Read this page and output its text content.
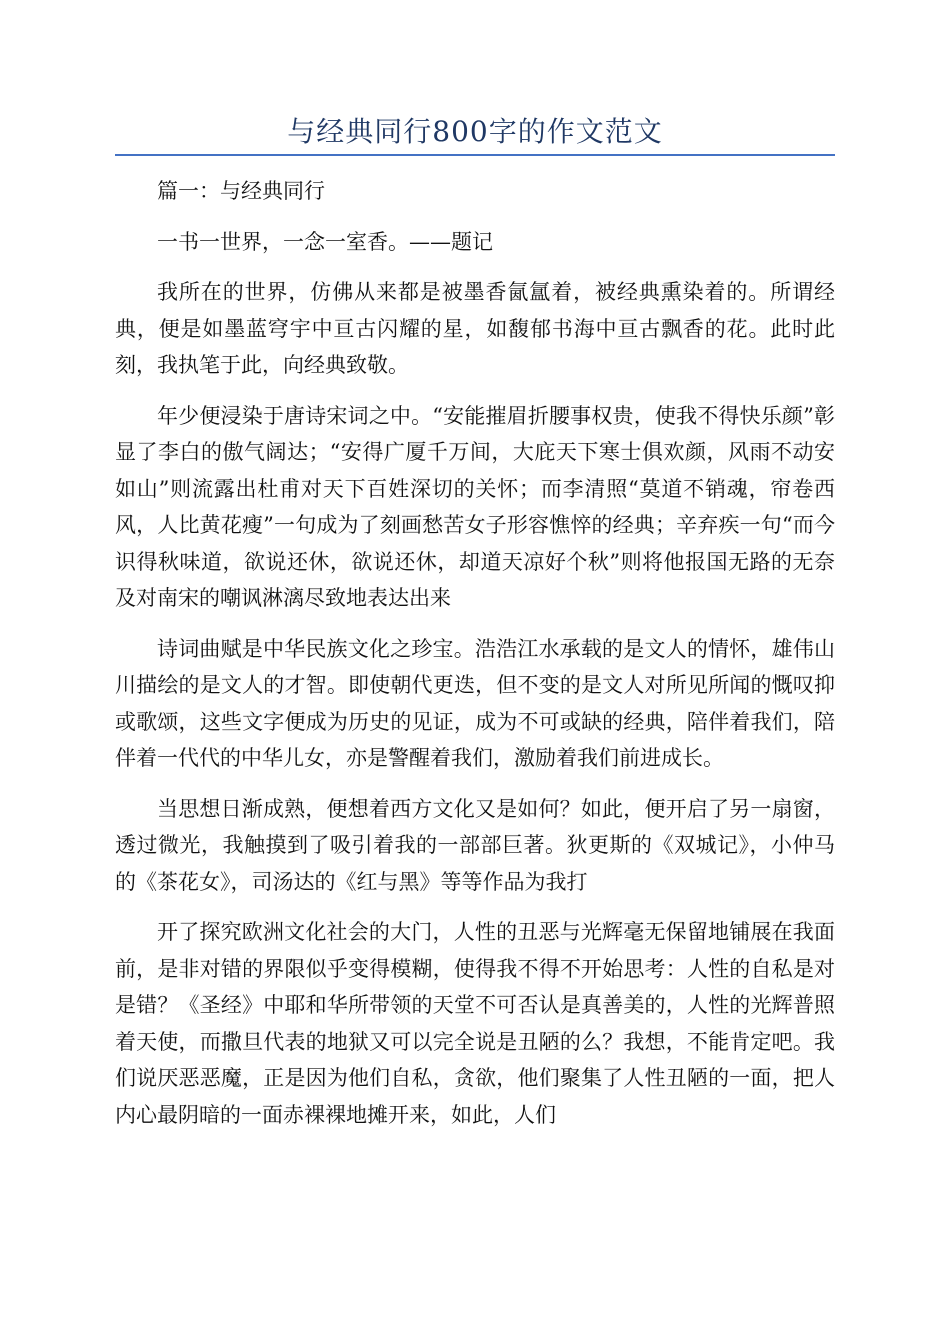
与经典同行800字的作文范文

篇一：与经典同行

一书一世界，一念一室香。——题记

我所在的世界，仿佛从来都是被墨香氤氲着，被经典熏染着的。所谓经典，便是如墨蓝穹宇中亘古闪耀的星，如馥郁书海中亘古飘香的花。此时此刻，我执笔于此，向经典致敬。

年少便浸染于唐诗宋词之中。“安能摧眉折腰事权贵，使我不得快乐颜”彰显了李白的傲气阔达；“安得广厦千万间，大庇天下寒士俱欢颜，风雨不动安如山”则流露出杜甫对天下百姓深切的关怀；而李清照“莫道不销魂，帘卷西风，人比黄花瘦”一句成为了刻画愁苦女子形容憔悴的经典；辛弃疾一句“而今识得秋味道，欲说还休，欲说还休，却道天凉好个秋”则将他报国无路的无奈及对南宋的嘲讽淋漓尽致地表达出来

诗词曲赋是中华民族文化之珍宝。浩浩江水承载的是文人的情怀，雄伟山川描绘的是文人的才智。即使朝代更迭，但不变的是文人对所见所闻的慨叹抑或歌颂，这些文字便成为历史的见证，成为不可或缺的经典，陪伴着我们，陪伴着一代代的中华儿女，亦是警醒着我们，激励着我们前进成长。

当思想日渐成熟，便想着西方文化又是如何？如此，便开启了另一扇窗，透过微光，我触摸到了吸引着我的一部部巨著。狄更斯的《双城记》，小仲马的《茶花女》，司汤达的《红与黑》等等作品为我打

开了探究欧洲文化社会的大门，人性的丑恶与光辉毫无保留地铺展在我面前，是非对错的界限似乎变得模糊，使得我不得不开始思考：人性的自私是对是错？《圣经》中耶和华所带领的天堂不可否认是真善美的，人性的光辉普照着天使，而撒旦代表的地狱又可以完全说是丑陋的么？我想，不能肯定吧。我们说厌恶恶魔，正是因为他们自私，贪欲，他们聚集了人性丑陋的一面，把人内心最阴暗的一面赤裸裸地摊开来，如此，人们
